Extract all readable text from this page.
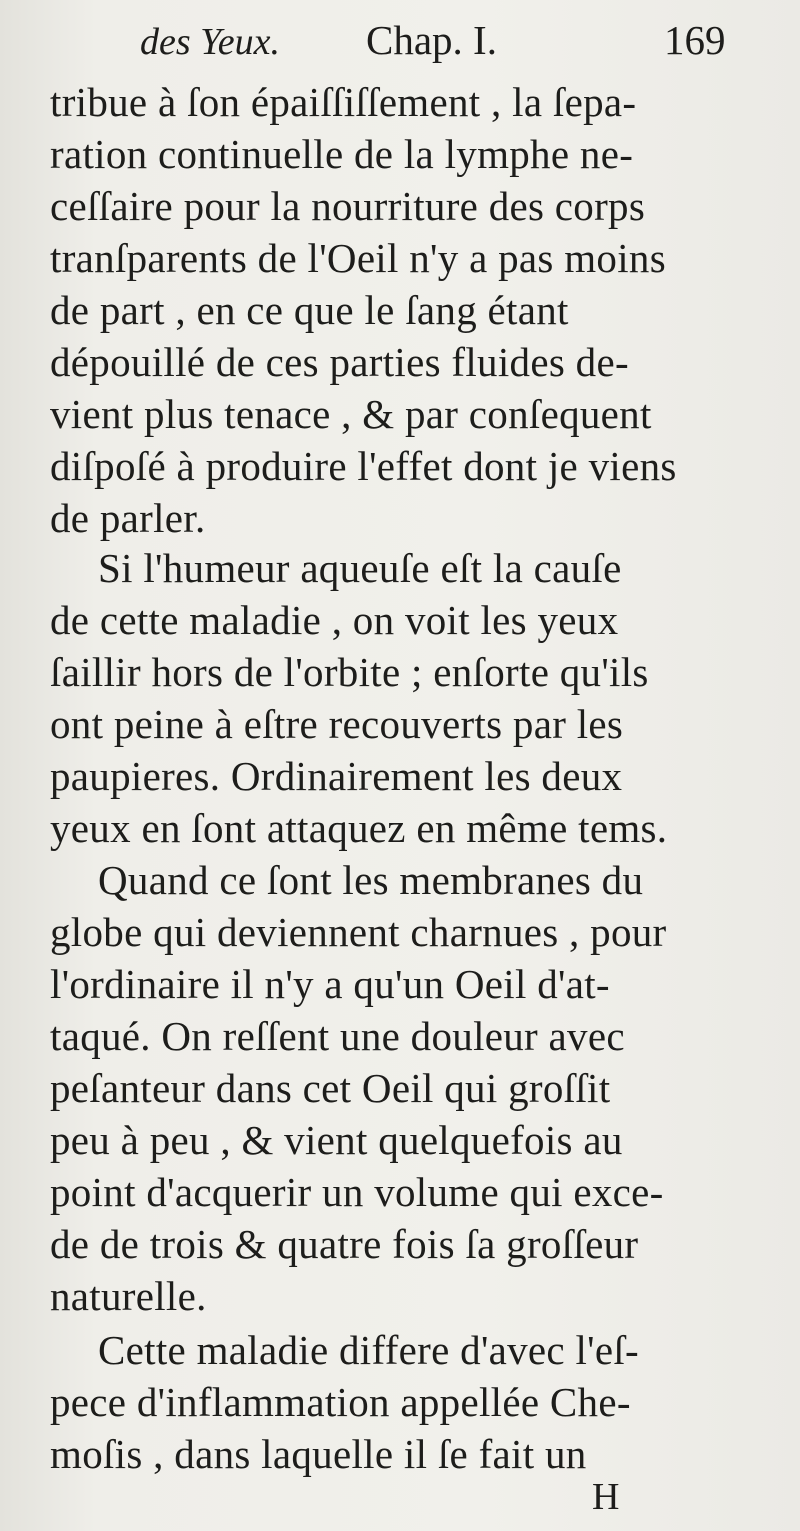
des Yeux. Chap. I.	169
tribue à ſon épaiſſiſſement , la ſepa-
ration continuelle de la lymphe ne-
ceſſaire pour la nourriture des corps
tranſparents de l'Oeil n'y a pas moins
de part , en ce que le ſang étant
dépouillé de ces parties fluides de-
vient plus tenace , & par conſequent
diſpoſé à produire l'effet dont je viens
de parler.
Si l'humeur aqueuſe eſt la cauſe
de cette maladie , on voit les yeux
ſaillir hors de l'orbite ; enſorte qu'ils
ont peine à eſtre recouverts par les
paupieres. Ordinairement les deux
yeux en ſont attaquez en même tems.
Quand ce ſont les membranes du
globe qui deviennent charnues , pour
l'ordinaire il n'y a qu'un Oeil d'at-
taqué. On reſſent une douleur avec
peſanteur dans cet Oeil qui groſſit
peu à peu , & vient quelquefois au
point d'acquerir un volume qui exce-
de de trois & quatre fois ſa groſſeur
naturelle.
Cette maladie differe d'avec l'eſ-
pece d'inflammation appellée Che-
moſis , dans laquelle il ſe fait un
H
